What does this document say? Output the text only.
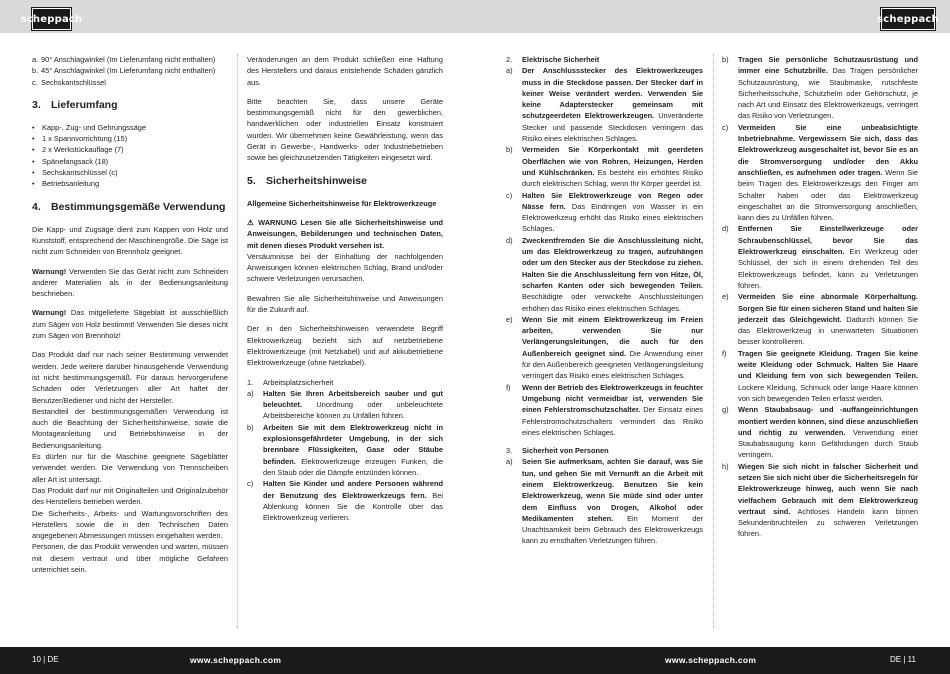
scheppach	scheppach
a. 90° Anschlagwinkel (Im Lieferumfang nicht enthalten)
b. 45° Anschlagwinkel (Im Lieferumfang nicht enthalten)
c. Sechskantschlüssel
3. Lieferumfang
•	Kapp-, Zug- und Gehrungssäge
•	1 x Spannvorrichtung (15)
•	2 x Werkstückauflage (7)
•	Spänefangsack (18)
•	Sechskantschlüssel (c)
•	Betriebsanleitung
4. Bestimmungsgemäße Verwendung

Die Kapp- und Zugsäge dient zum Kappen von Holz und Kunststoff, entsprechend der Maschinengröße. Die Säge ist nicht zum Schneiden von Brennholz geeignet.

Warnung! Verwenden Sie das Gerät nicht zum Schneiden anderer Materialien als in der Bedienungsanleitung beschrieben.

Warnung! Das mitgelieferte Sägeblatt ist ausschließlich zum Sägen von Holz bestimmt! Verwenden Sie dieses nicht zum Sägen von Brennholz!

Das Produkt darf nur nach seiner Bestimmung verwendet werden. Jede weitere darüber hinausgehende Verwendung ist nicht bestimmungsgemäß. Für daraus hervorgerufene Schäden oder Verletzungen aller Art haftet der Benutzer/Bediener und nicht der Hersteller.
Bestandteil der bestimmungsgemäßen Verwendung ist auch die Beachtung der Sicherheitshinweise, sowie die Montageanleitung und Betriebshinweise in der Bedienungsanleitung.
Es dürfen nur für die Maschine geeignete Sägeblätter verwendet werden. Die Verwendung von Trennscheiben aller Art ist untersagt.
Das Produkt darf nur mit Originalteilen und Originalzubehör des Herstellers betrieben werden.
Die Sicherheits-, Arbeits- und Wartungsvorschriften des Herstellers sowie die in den Technischen Daten angegebenen Abmessungen müssen eingehalten werden.
Personen, die das Produkt verwenden und warten, müssen mit diesem vertraut und über mögliche Gefahren unterrichtet sein.

Veränderungen an dem Produkt schließen eine Haftung des Herstellers und daraus entstehende Schäden gänzlich aus.

Bitte beachten Sie, dass unsere Geräte bestimmungsgemäß nicht für den gewerblichen, handwerklichen oder industriellen Einsatz konstruiert wurden. Wir übernehmen keine Gewährleistung, wenn das Gerät in Gewerbe-, Handwerks- oder Industriebetrieben sowie bei gleichzusetzenden Tätigkeiten eingesetzt wird.

5. Sicherheitshinweise

Allgemeine Sicherheitshinweise für Elektrowerkzeuge

⚠ WARNUNG Lesen Sie alle Sicherheitshinweise und Anweisungen, Bebilderungen und technischen Daten, mit denen dieses Produkt versehen ist.
Versäumnisse bei der Einhaltung der nachfolgenden Anweisungen können elektrischen Schlag, Brand und/oder schwere Verletzungen verursachen.

Bewahren Sie alle Sicherheitshinweise und Anweisungen für die Zukunft auf.

Der in den Sicherheitshinweisen verwendete Begriff Elektrowerkzeug bezieht sich auf netzbetriebene Elektrowerkzeuge (mit Netzkabel) und auf akkubetriebene Elektrowerkzeuge (ohne Netzkabel).

1.	Arbeitsplatzsicherheit
a)	Halten Sie Ihren Arbeitsbereich sauber und gut beleuchtet. Unordnung oder unbeleuchtete Arbeitsbereiche können zu Unfällen führen.
b)	Arbeiten Sie mit dem Elektrowerkzeug nicht in explosionsgefährdeter Umgebung, in der sich brennbare Flüssigkeiten, Gase oder Stäube befinden. Elektrowerkzeuge erzeugen Funken, die den Staub oder die Dämpfe entzünden können.
c)	Halten Sie Kinder und andere Personen während der Benutzung des Elektrowerkzeugs fern. Bei Ablenkung können Sie die Kontrolle über das Elektrowerkzeug verlieren.
2.	Elektrische Sicherheit
a)	Der Anschlussstecker des Elektrowerkzeuges muss in die Steckdose passen. Der Stecker darf in keiner Weise verändert werden. Verwenden Sie keine Adapterstecker gemeinsam mit schutzgeerdeten Elektrowerkzeugen. Unveränderte Stecker und passende Steckdosen verringern das Risiko eines elektrischen Schlages.
b)	Vermeiden Sie Körperkontakt mit geerdeten Oberflächen wie von Rohren, Heizungen, Herden und Kühlschränken. Es besteht ein erhöhtes Risiko durch elektrischen Schlag, wenn Ihr Körper geerdet ist.
c)	Halten Sie Elektrowerkzeuge von Regen oder Nässe fern. Das Eindringen von Wasser in ein Elektrowerkzeug erhöht das Risiko eines elektrischen Schlages.
d)	Zweckentfremden Sie die Anschlussleitung nicht, um das Elektrowerkzeug zu tragen, aufzuhängen oder um den Stecker aus der Steckdose zu ziehen. Halten Sie die Anschlussleitung fern von Hitze, Öl, scharfen Kanten oder sich bewegenden Teilen. Beschädigte oder verwickelte Anschlussleitungen erhöhen das Risiko eines elektrischen Schlages.
e)	Wenn Sie mit einem Elektrowerkzeug im Freien arbeiten, verwenden Sie nur Verlängerungsleitungen, die auch für den Außenbereich geeignet sind. Die Anwendung einer für den Außenbereich geeigneten Verlängerungsleitung verringert das Risiko eines elektrischen Schlages.
f)	Wenn der Betrieb des Elektrowerkzeugs in feuchter Umgebung nicht vermeidbar ist, verwenden Sie einen Fehlerstromschutzschalter. Der Einsatz eines Fehlerstromschutzschalters vermindert das Risiko eines elektrischen Schlages.
3.	Sicherheit von Personen
a)	Seien Sie aufmerksam, achten Sie darauf, was Sie tun, und gehen Sie mit Vernunft an die Arbeit mit einem Elektrowerkzeug. Benutzen Sie kein Elektrowerkzeug, wenn Sie müde sind oder unter dem Einfluss von Drogen, Alkohol oder Medikamenten stehen. Ein Moment der Unachtsamkeit beim Gebrauch des Elektrowerkzeugs kann zu ernsthaften Verletzungen führen.
b)	Tragen Sie persönliche Schutzausrüstung und immer eine Schutzbrille. Das Tragen persönlicher Schutzausrüstung, wie Staubmaske, rutschfeste Sicherheitsschuhe, Schutzhelm oder Gehörschutz, je nach Art und Einsatz des Elektrowerkzeugs, verringert das Risiko von Verletzungen.
c)	Vermeiden Sie eine unbeabsichtigte Inbetriebnahme. Vergewissern Sie sich, dass das Elektrowerkzeug ausgeschaltet ist, bevor Sie es an die Stromversorgung und/oder den Akku anschließen, es aufnehmen oder tragen. Wenn Sie beim Tragen des Elektrowerkzeugs den Finger am Schalter haben oder das Elektrowerkzeug eingeschaltet an die Stromversorgung anschließen, kann dies zu Unfällen führen.
d)	Entfernen Sie Einstellwerkzeuge oder Schraubenschlüssel, bevor Sie das Elektrowerkzeug einschalten. Ein Werkzeug oder Schlüssel, der sich in einem drehenden Teil des Elektrowerkzeugs befindet, kann zu Verletzungen führen.
e)	Vermeiden Sie eine abnormale Körperhaltung. Sorgen Sie für einen sicheren Stand und halten Sie jederzeit das Gleichgewicht. Dadurch können Sie das Elektrowerkzeug in unerwarteten Situationen besser kontrollieren.
f)	Tragen Sie geeignete Kleidung. Tragen Sie keine weite Kleidung oder Schmuck. Halten Sie Haare und Kleidung fern von sich bewegenden Teilen. Lockere Kleidung, Schmuck oder lange Haare können von sich bewegenden Teilen erfasst werden.
g)	Wenn Staubabsaug- und -auffangeinrichtungen montiert werden können, sind diese anzuschließen und richtig zu verwenden. Verwendung einer Staubabsaugung kann Gefährdungen durch Staub verringern.
h)	Wiegen Sie sich nicht in falscher Sicherheit und setzen Sie sich nicht über die Sicherheitsregeln für Elektrowerkzeuge hinweg, auch wenn Sie nach vielfachem Gebrauch mit dem Elektrowerkzeug vertraut sind. Achtloses Handeln kann binnen Sekundenbruchteilen zu schweren Verletzungen führen.
10 | DE	www.scheppach.com	www.scheppach.com	DE | 11
